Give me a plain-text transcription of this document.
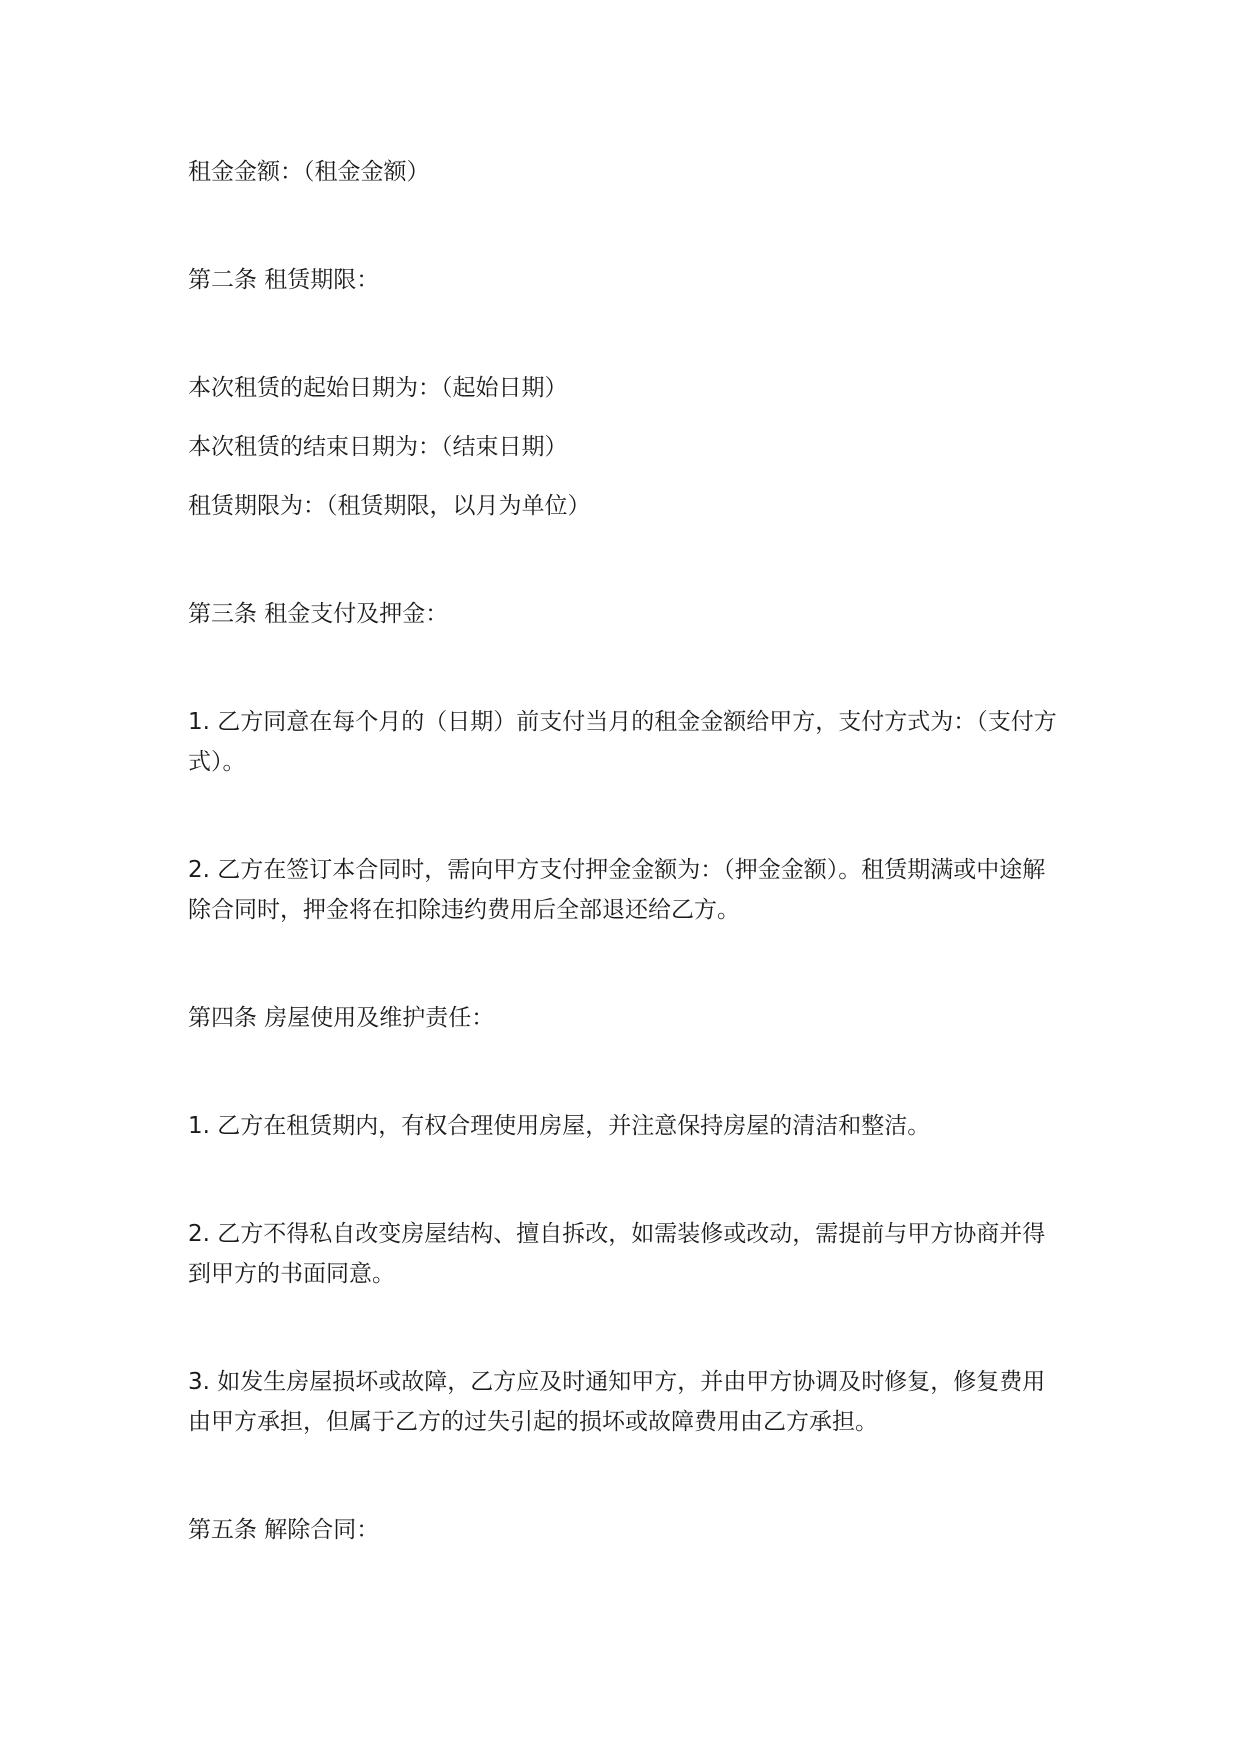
租金金额：（租金金额）

第二条 租赁期限：

本次租赁的起始日期为：（起始日期）

本次租赁的结束日期为：（结束日期）

租赁期限为：（租赁期限，以月为单位）

第三条 租金支付及押金：

1. 乙方同意在每个月的（日期）前支付当月的租金金额给甲方，支付方式为：（支付方式）。

2. 乙方在签订本合同时，需向甲方支付押金金额为：（押金金额）。租赁期满或中途解除合同时，押金将在扣除违约费用后全部退还给乙方。

第四条 房屋使用及维护责任：

1. 乙方在租赁期内，有权合理使用房屋，并注意保持房屋的清洁和整洁。

2. 乙方不得私自改变房屋结构、擅自拆改，如需装修或改动，需提前与甲方协商并得到甲方的书面同意。

3. 如发生房屋损坏或故障，乙方应及时通知甲方，并由甲方协调及时修复，修复费用由甲方承担，但属于乙方的过失引起的损坏或故障费用由乙方承担。

第五条 解除合同：
